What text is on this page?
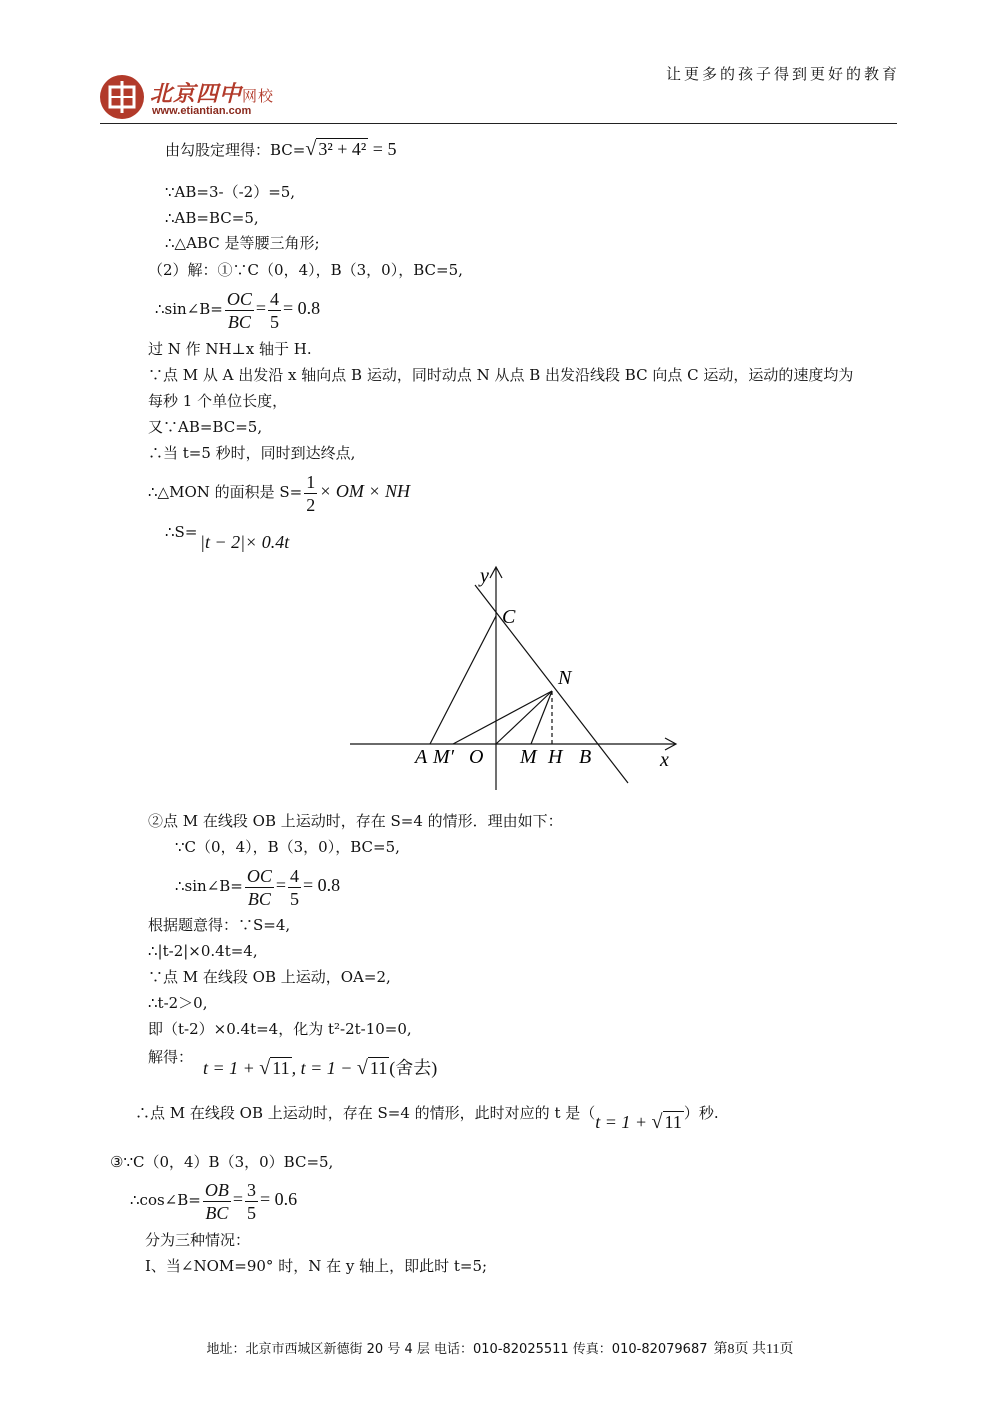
北京四中网校
www.etiantian.com
让更多的孩子得到更好的教育
由勾股定理得：BC=√ 3² + 4² = 5
∵AB=3-（-2）=5,
∴AB=BC=5,
∴△ABC 是等腰三角形;
（2）解：①∵C（0，4），B（3，0），BC=5,
∴sin∠B= $\frac{OC}{BC} = \frac{4}{5} = 0.8$
过 N 作 NH⊥x 轴于 H.
∵点 M 从 A 出发沿 x 轴向点 B 运动，同时动点 N 从点 B 出发沿线段 BC 向点 C 运动，运动的速度均为
每秒 1 个单位长度，
又∵AB=BC=5,
∴当 t=5 秒时，同时到达终点,
∴△MON 的面积是 $S= \frac{1}{2}$ × OM × NH
∴S= |t − 2|× 0.4t
y
x
C
N
A M′ O M H B
②点 M 在线段 OB 上运动时，存在 S=4 的情形．理由如下：
∵C（0，4），B（3，0），BC=5,
∴sin∠B= $\frac{OC}{BC} = \frac{4}{5} = 0.8$
根据题意得：∵S=4,
∴|t-2|×0.4t=4,
∵点 M 在线段 OB 上运动，OA=2,
∴t-2＞0,
即（t-2）×0.4t=4，化为 t²-2t-10=0,
解得：
t = 1 + √ 11 , t = 1 − √ 11 (舍去)
∴点 M 在线段 OB 上运动时，存在 S=4 的情形，此时对应的 t 是（t = 1 + √ 11 ）秒.
③∵C（0，4）B（3，0）BC=5,
∴cos∠B= $\frac{OB}{BC} = \frac{3}{5} = 0.6$
分为三种情况：
Ⅰ、当∠NOM=90° 时，N 在 y 轴上，即此时 t=5;
地址：北京市西城区新德街 20 号 4 层 电话：010-82025511 传真：010-82079687 第8页 共11页
